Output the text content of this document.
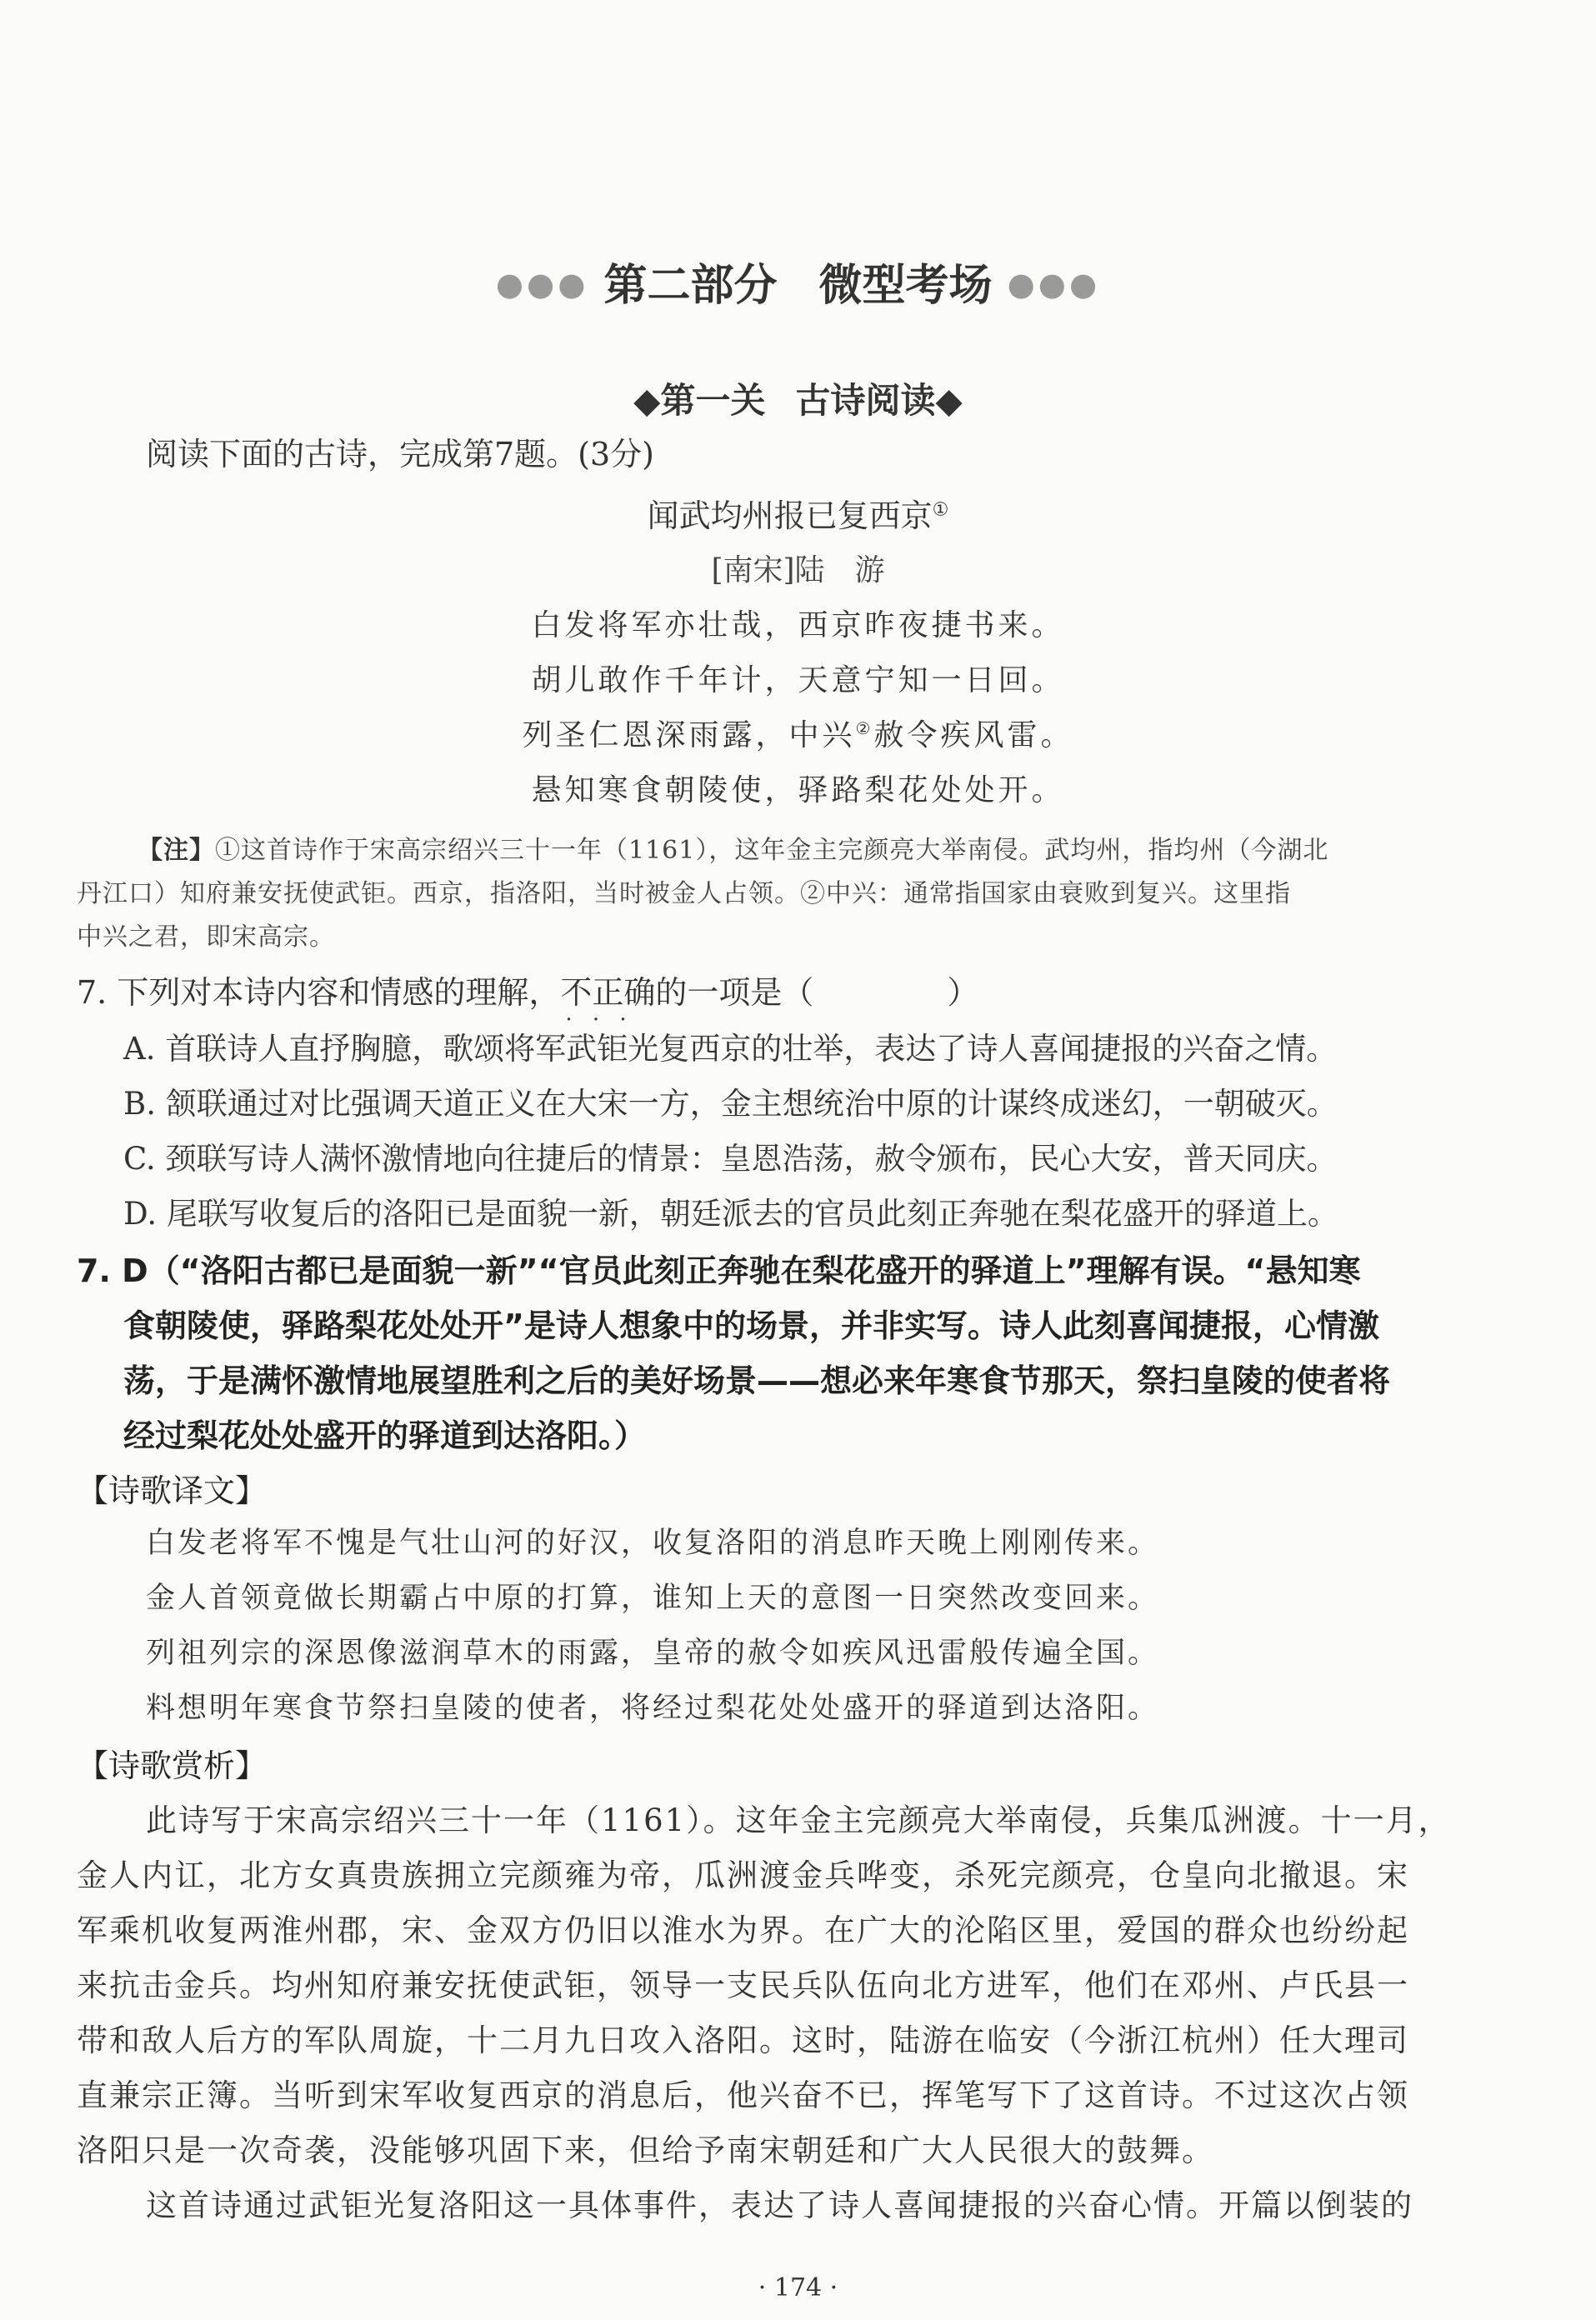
●●● 第二部分 微型考场 ●●●
◆第一关 古诗阅读◆
阅读下面的古诗，完成第7题。(3分)
闻武均州报已复西京①
[南宋]陆　游
白发将军亦壮哉，西京昨夜捷书来。
胡儿敢作千年计，天意宁知一日回。
列圣仁恩深雨露，中兴②赦令疾风雷。
悬知寒食朝陵使，驿路梨花处处开。
【注】①这首诗作于宋高宗绍兴三十一年（1161），这年金主完颜亮大举南侵。武均州，指均州（今湖北
丹江口）知府兼安抚使武钜。西京，指洛阳，当时被金人占领。②中兴：通常指国家由衰败到复兴。这里指
中兴之君，即宋高宗。
7. 下列对本诗内容和情感的理解，不正确 · · ·的一项是（	）
A. 首联诗人直抒胸臆，歌颂将军武钜光复西京的壮举，表达了诗人喜闻捷报的兴奋之情。
B. 颔联通过对比强调天道正义在大宋一方，金主想统治中原的计谋终成迷幻，一朝破灭。
C. 颈联写诗人满怀激情地向往捷后的情景：皇恩浩荡，赦令颁布，民心大安，普天同庆。
D. 尾联写收复后的洛阳已是面貌一新，朝廷派去的官员此刻正奔驰在梨花盛开的驿道上。
7. D（“洛阳古都已是面貌一新”“官员此刻正奔驰在梨花盛开的驿道上”理解有误。“悬知寒
食朝陵使，驿路梨花处处开”是诗人想象中的场景，并非实写。诗人此刻喜闻捷报，心情激
荡，于是满怀激情地展望胜利之后的美好场景——想必来年寒食节那天，祭扫皇陵的使者将
经过梨花处处盛开的驿道到达洛阳。）
【诗歌译文】
白发老将军不愧是气壮山河的好汉，收复洛阳的消息昨天晚上刚刚传来。
金人首领竟做长期霸占中原的打算，谁知上天的意图一日突然改变回来。
列祖列宗的深恩像滋润草木的雨露，皇帝的赦令如疾风迅雷般传遍全国。
料想明年寒食节祭扫皇陵的使者，将经过梨花处处盛开的驿道到达洛阳。
【诗歌赏析】
此诗写于宋高宗绍兴三十一年（1161）。这年金主完颜亮大举南侵，兵集瓜洲渡。十一月，
金人内讧，北方女真贵族拥立完颜雍为帝，瓜洲渡金兵哗变，杀死完颜亮，仓皇向北撤退。宋
军乘机收复两淮州郡，宋、金双方仍旧以淮水为界。在广大的沦陷区里，爱国的群众也纷纷起
来抗击金兵。均州知府兼安抚使武钜，领导一支民兵队伍向北方进军，他们在邓州、卢氏县一
带和敌人后方的军队周旋，十二月九日攻入洛阳。这时，陆游在临安（今浙江杭州）任大理司
直兼宗正簿。当听到宋军收复西京的消息后，他兴奋不已，挥笔写下了这首诗。不过这次占领
洛阳只是一次奇袭，没能够巩固下来，但给予南宋朝廷和广大人民很大的鼓舞。
这首诗通过武钜光复洛阳这一具体事件，表达了诗人喜闻捷报的兴奋心情。开篇以倒装的
· 174 ·
